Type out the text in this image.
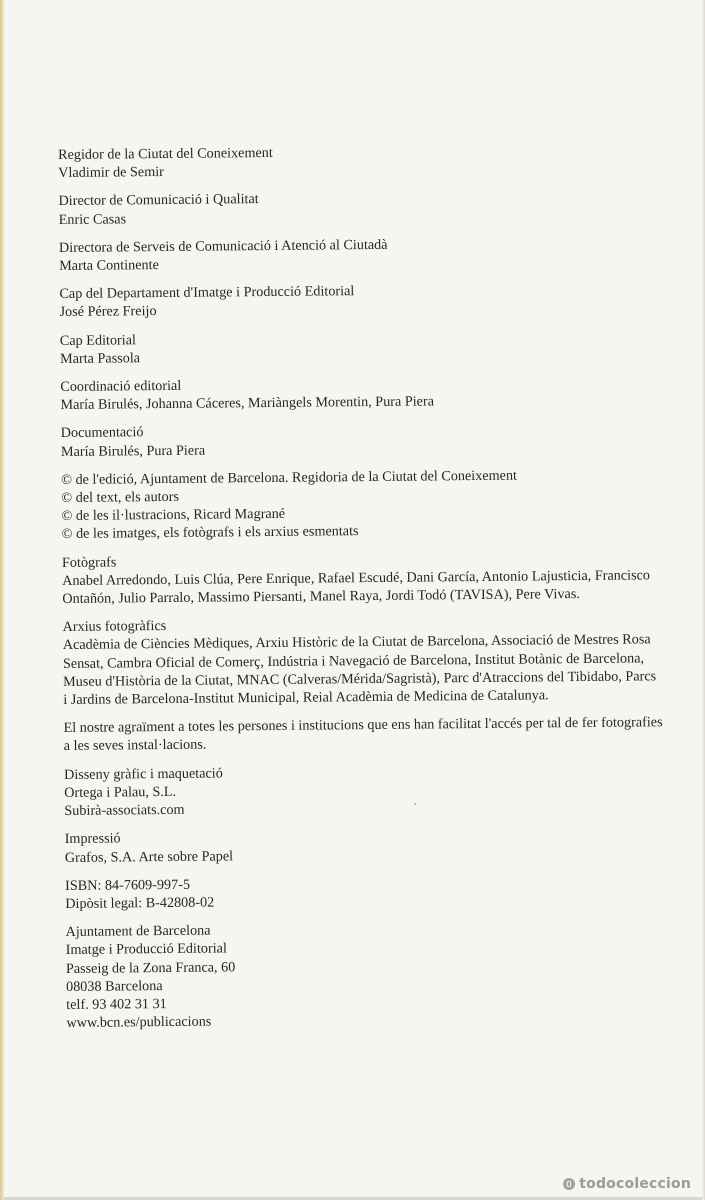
Regidor de la Ciutat del Coneixement
Vladimir de Semir
Director de Comunicació i Qualitat
Enric Casas
Directora de Serveis de Comunicació i Atenció al Ciutadà
Marta Continente
Cap del Departament d'Imatge i Producció Editorial
José Pérez Freijo
Cap Editorial
Marta Passola
Coordinació editorial
María Birulés, Johanna Cáceres, Mariàngels Morentin, Pura Piera
Documentació
María Birulés, Pura Piera
© de l'edició, Ajuntament de Barcelona. Regidoria de la Ciutat del Coneixement
© del text, els autors
© de les il·lustracions, Ricard Magrané
© de les imatges, els fotògrafs i els arxius esmentats
Fotògrafs
Anabel Arredondo, Luis Clúa, Pere Enrique, Rafael Escudé, Dani García, Antonio Lajusticia, Francisco Ontañón, Julio Parralo, Massimo Piersanti, Manel Raya, Jordi Todó (TAVISA), Pere Vivas.
Arxius fotogràfics
Acadèmia de Ciències Mèdiques, Arxiu Històric de la Ciutat de Barcelona, Associació de Mestres Rosa Sensat, Cambra Oficial de Comerç, Indústria i Navegació de Barcelona, Institut Botànic de Barcelona, Museu d'Història de la Ciutat, MNAC (Calveras/Mérida/Sagristà), Parc d'Atraccions del Tibidabo, Parcs i Jardins de Barcelona-Institut Municipal, Reial Acadèmia de Medicina de Catalunya.
El nostre agraïment a totes les persones i institucions que ens han facilitat l'accés per tal de fer fotografies a les seves instal·lacions.
Disseny gràfic i maquetació
Ortega i Palau, S.L.
Subirà-associats.com
Impressió
Grafos, S.A. Arte sobre Papel
ISBN: 84-7609-997-5
Dipòsit legal: B-42808-02
Ajuntament de Barcelona
Imatge i Producció Editorial
Passeig de la Zona Franca, 60
08038 Barcelona
telf. 93 402 31 31
www.bcn.es/publicacions
todocoleccion
